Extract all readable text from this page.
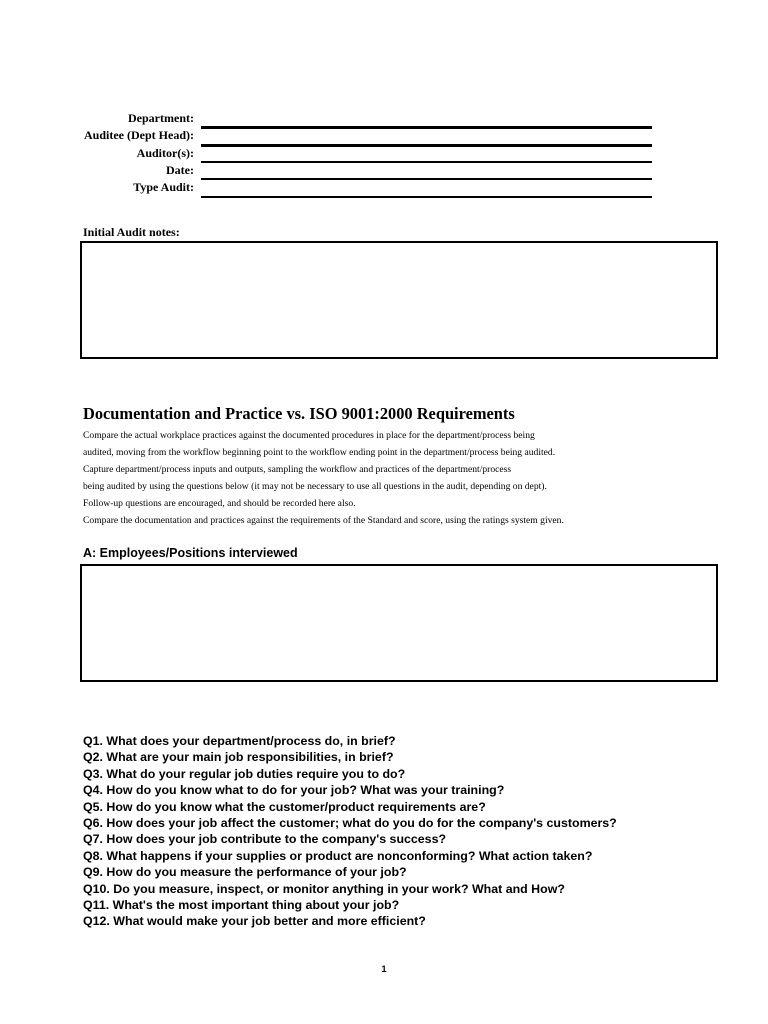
Department:
Auditee (Dept Head):
Auditor(s):
Date:
Type Audit:
Initial Audit notes:
Documentation and Practice vs. ISO 9001:2000 Requirements
Compare the actual workplace practices against the documented procedures in place for the department/process being
audited, moving from the workflow beginning point to the workflow ending point in the department/process being audited.
Capture department/process inputs and outputs, sampling the workflow and practices of the department/process
being audited by using the questions below (it may not be necessary to use all questions in the audit, depending on dept).
Follow-up questions are encouraged, and should be recorded here also.
Compare the documentation and practices against the requirements of the Standard and score, using the ratings system given.
A: Employees/Positions interviewed
Q1. What does your department/process do, in brief?
Q2. What are your main job responsibilities, in brief?
Q3. What do your regular job duties require you to do?
Q4. How do you know what to do for your job? What was your training?
Q5. How do you know what the customer/product requirements are?
Q6. How does your job affect the customer; what do you do for the company's customers?
Q7. How does your job contribute to the company's success?
Q8. What happens if your supplies or product are nonconforming? What action taken?
Q9. How do you measure the performance of your job?
Q10. Do you measure, inspect, or monitor anything in your work? What and How?
Q11. What's the most important thing about your job?
Q12. What would make your job better and more efficient?
1
